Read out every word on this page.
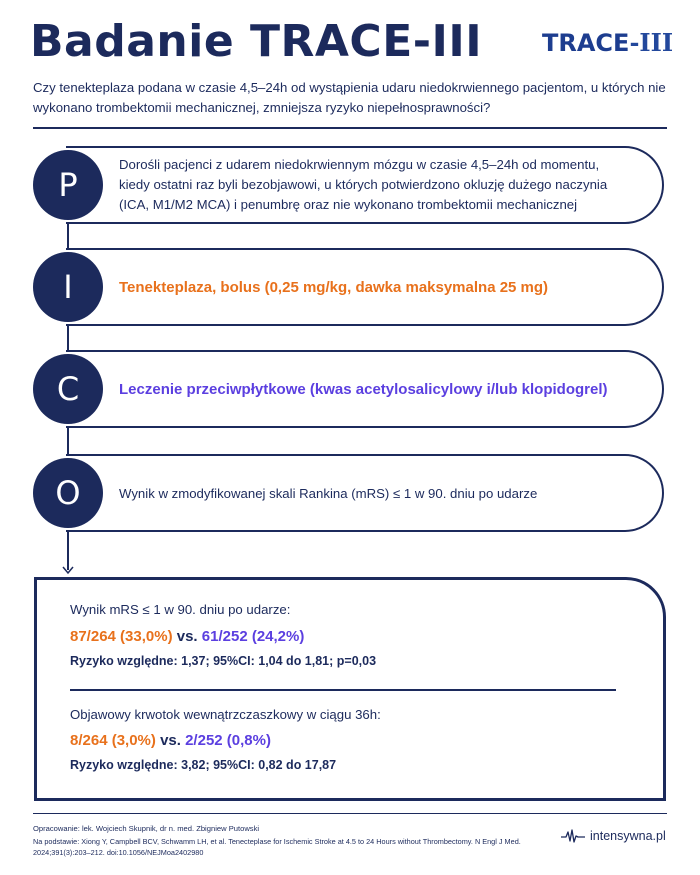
Badanie TRACE-III TRACE-III
Czy tenekteplaza podana w czasie 4,5–24h od wystąpienia udaru niedokrwiennego pacjentom, u których nie wykonano trombektomii mechanicznej, zmniejsza ryzyko niepełnosprawności?
Dorośli pacjenci z udarem niedokrwiennym mózgu w czasie 4,5–24h od momentu, kiedy ostatni raz byli bezobjawowi, u których potwierdzono okluzję dużego naczynia (ICA, M1/M2 MCA) i penumbrę oraz nie wykonano trombektomii mechanicznej
P
Tenekteplaza, bolus (0,25 mg/kg, dawka maksymalna 25 mg)
I
Leczenie przeciwpłytkowe (kwas acetylosalicylowy i/lub klopidogrel)
C
Wynik w zmodyfikowanej skali Rankina (mRS) ≤ 1 w 90. dniu po udarze
O
Wynik mRS ≤ 1 w 90. dniu po udarze:
87/264 (33,0%) vs. 61/252 (24,2%)
Ryzyko względne: 1,37; 95%CI: 1,04 do 1,81; p=0,03
Objawowy krwotok wewnątrzczaszkowy w ciągu 36h:
8/264 (3,0%) vs. 2/252 (0,8%)
Ryzyko względne: 3,82; 95%CI: 0,82 do 17,87
Opracowanie: lek. Wojciech Skupnik, dr n. med. Zbigniew Putowski
Na podstawie: Xiong Y, Campbell BCV, Schwamm LH, et al. Tenecteplase for Ischemic Stroke at 4.5 to 24 Hours without Thrombectomy. N Engl J Med.
2024;391(3):203–212. doi:10.1056/NEJMoa2402980
intensywna.pl
